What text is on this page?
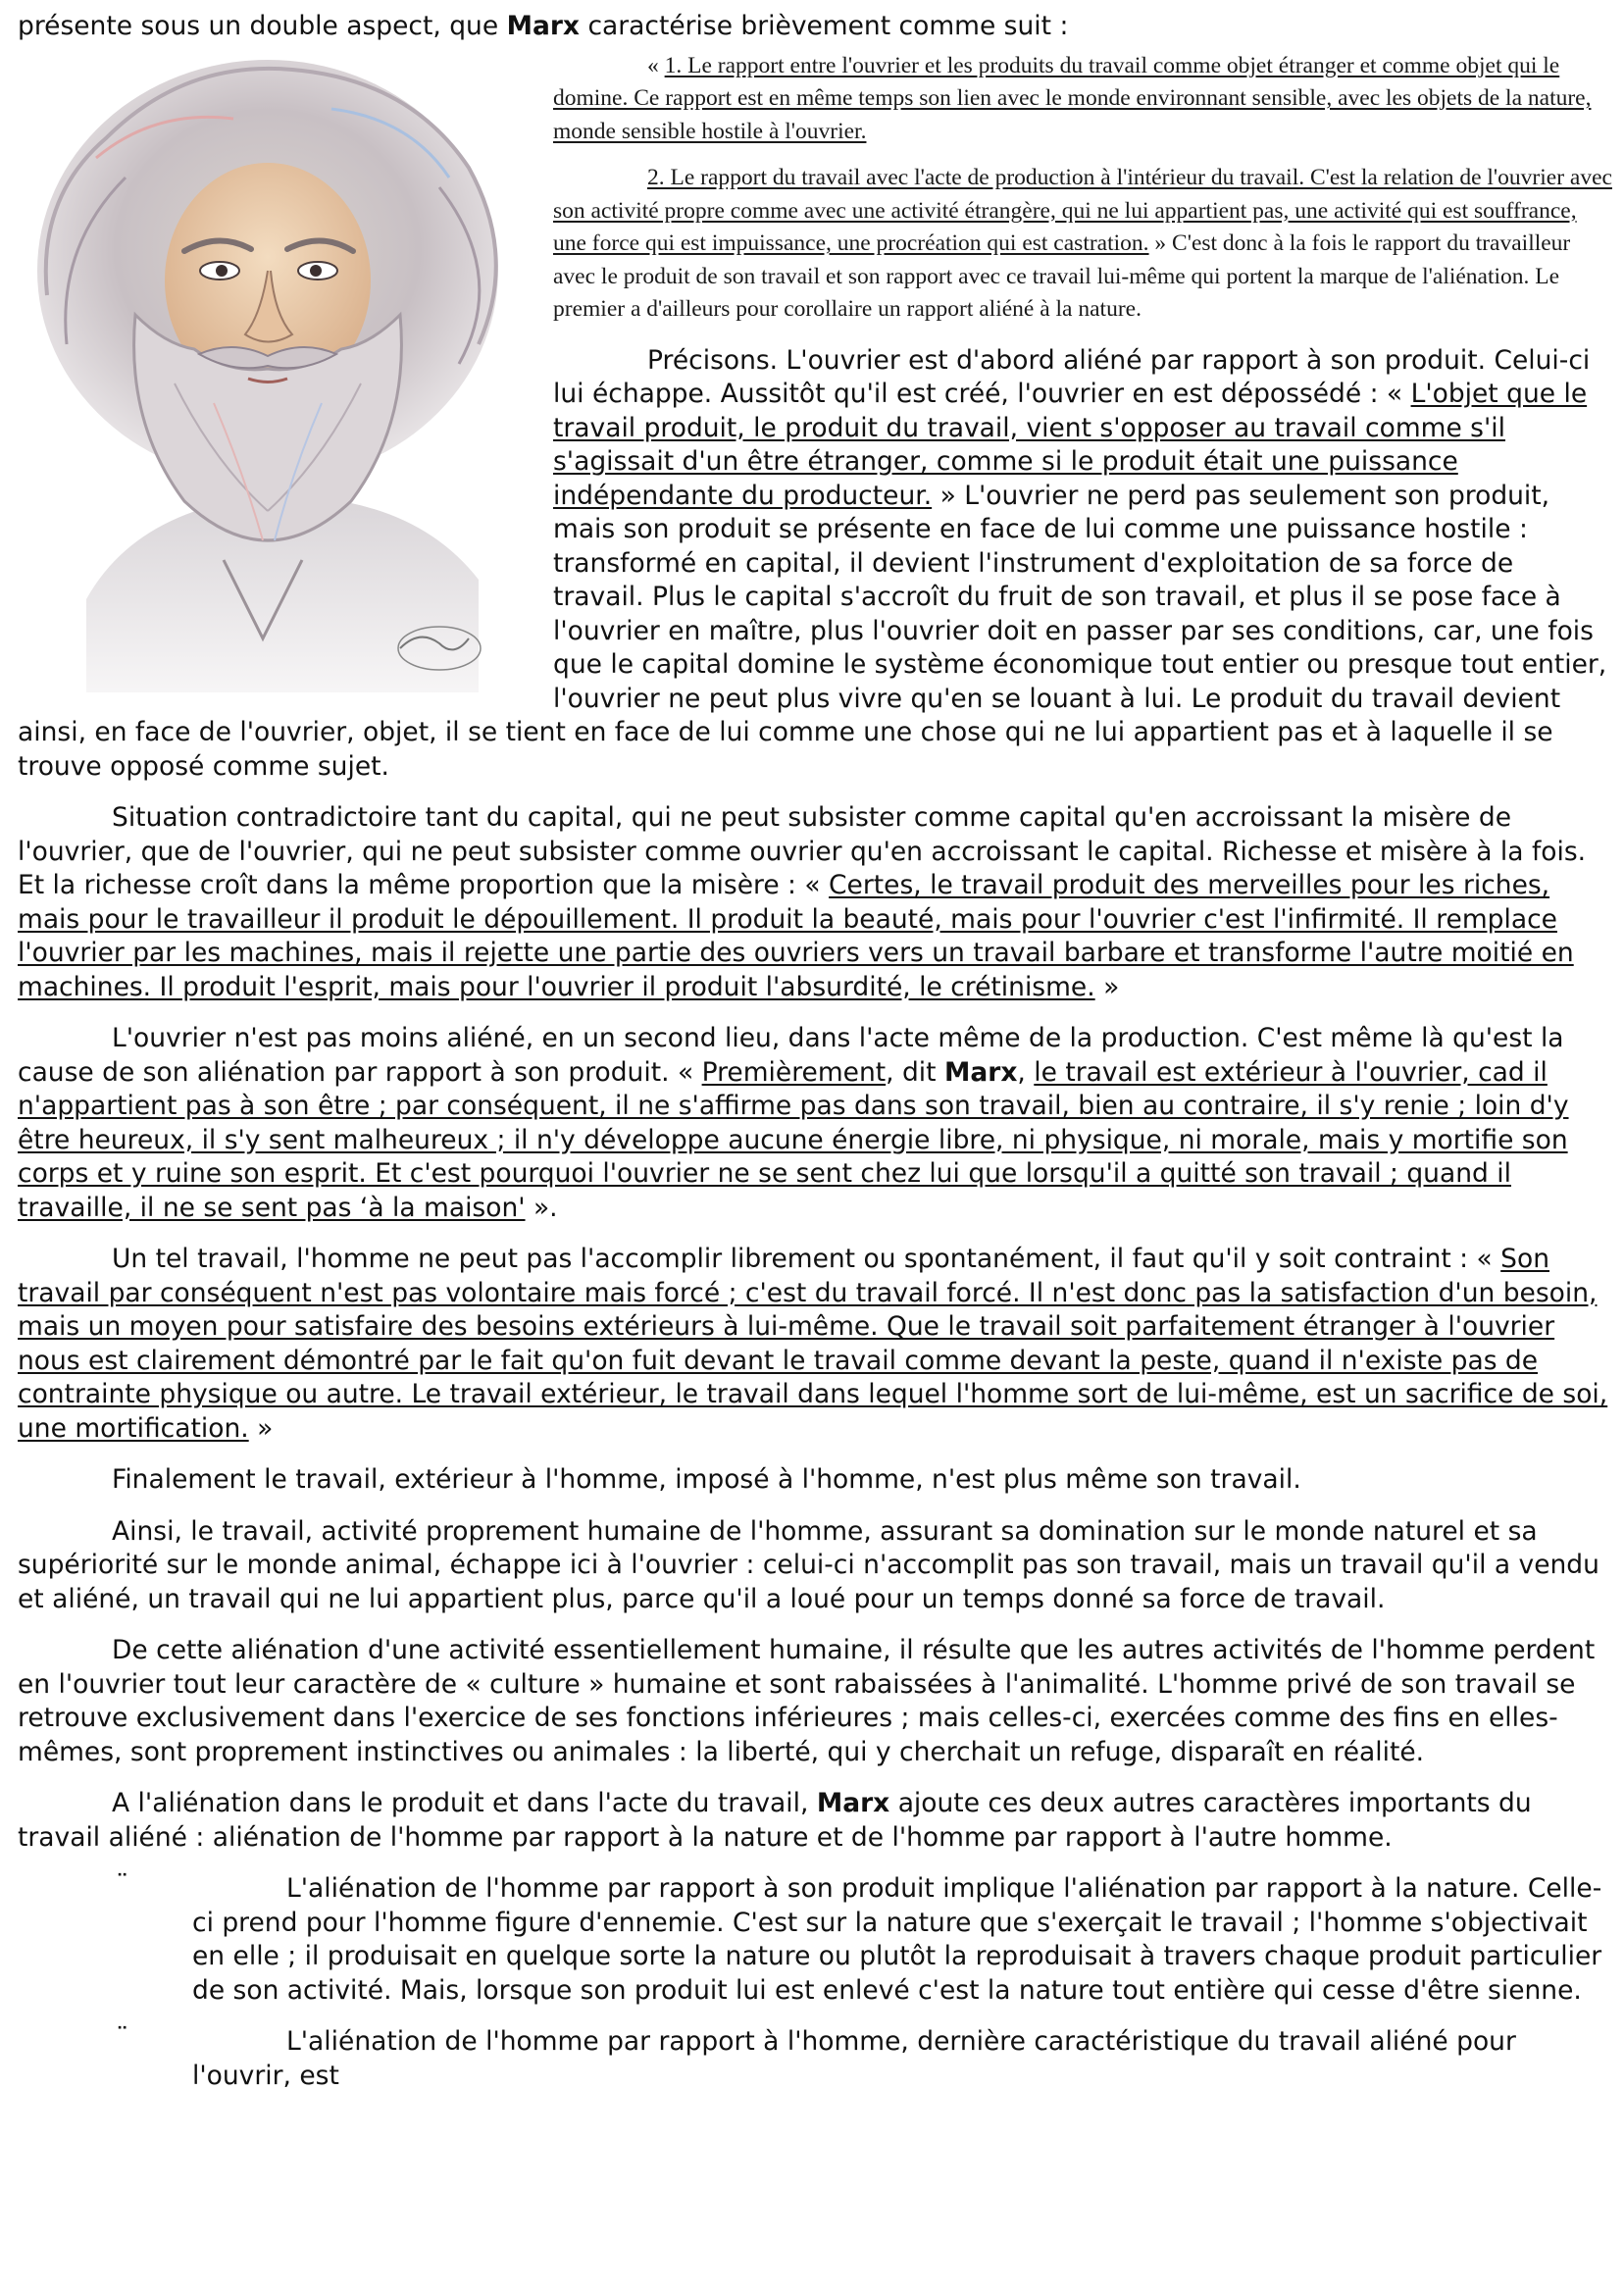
présente sous un double aspect, que Marx caractérise brièvement comme suit :

« 1. Le rapport entre l'ouvrier et les produits du travail comme objet étranger et comme objet qui le domine. Ce rapport est en même temps son lien avec le monde environnant sensible, avec les objets de la nature, monde sensible hostile à l'ouvrier.

2. Le rapport du travail avec l'acte de production à l'intérieur du travail. C'est la relation de l'ouvrier avec son activité propre comme avec une activité étrangère, qui ne lui appartient pas, une activité qui est souffrance, une force qui est impuissance, une procréation qui est castration. » C'est donc à la fois le rapport du travailleur avec le produit de son travail et son rapport avec ce travail lui-même qui portent la marque de l'aliénation. Le premier a d'ailleurs pour corollaire un rapport aliéné à la nature.

Précisons. L'ouvrier est d'abord aliéné par rapport à son produit. Celui-ci lui échappe. Aussitôt qu'il est créé, l'ouvrier en est dépossédé : « L'objet que le travail produit, le produit du travail, vient s'opposer au travail comme s'il s'agissait d'un être étranger, comme si le produit était une puissance indépendante du producteur. » L'ouvrier ne perd pas seulement son produit, mais son produit se présente en face de lui comme une puissance hostile : transformé en capital, il devient l'instrument d'exploitation de sa force de travail. Plus le capital s'accroît du fruit de son travail, et plus il se pose face à l'ouvrier en maître, plus l'ouvrier doit en passer par ses conditions, car, une fois que le capital domine le système économique tout entier ou presque tout entier, l'ouvrier ne peut plus vivre qu'en se louant à lui. Le produit du travail devient ainsi, en face de l'ouvrier, objet, il se tient en face de lui comme une chose qui ne lui appartient pas et à laquelle il se trouve opposé comme sujet.

Situation contradictoire tant du capital, qui ne peut subsister comme capital qu'en accroissant la misère de l'ouvrier, que de l'ouvrier, qui ne peut subsister comme ouvrier qu'en accroissant le capital. Richesse et misère à la fois. Et la richesse croît dans la même proportion que la misère : « Certes, le travail produit des merveilles pour les riches, mais pour le travailleur il produit le dépouillement. Il produit la beauté, mais pour l'ouvrier c'est l'infirmité. Il remplace l'ouvrier par les machines, mais il rejette une partie des ouvriers vers un travail barbare et transforme l'autre moitié en machines. Il produit l'esprit, mais pour l'ouvrier il produit l'absurdité, le crétinisme. »

L'ouvrier n'est pas moins aliéné, en un second lieu, dans l'acte même de la production. C'est même là qu'est la cause de son aliénation par rapport à son produit. « Premièrement, dit Marx, le travail est extérieur à l'ouvrier, cad il n'appartient pas à son être ; par conséquent, il ne s'affirme pas dans son travail, bien au contraire, il s'y renie ; loin d'y être heureux, il s'y sent malheureux ; il n'y développe aucune énergie libre, ni physique, ni morale, mais y mortifie son corps et y ruine son esprit. Et c'est pourquoi l'ouvrier ne se sent chez lui que lorsqu'il a quitté son travail ; quand il travaille, il ne se sent pas ‘à la maison' ».

Un tel travail, l'homme ne peut pas l'accomplir librement ou spontanément, il faut qu'il y soit contraint : « Son travail par conséquent n'est pas volontaire mais forcé ; c'est du travail forcé. Il n'est donc pas la satisfaction d'un besoin, mais un moyen pour satisfaire des besoins extérieurs à lui-même. Que le travail soit parfaitement étranger à l'ouvrier nous est clairement démontré par le fait qu'on fuit devant le travail comme devant la peste, quand il n'existe pas de contrainte physique ou autre. Le travail extérieur, le travail dans lequel l'homme sort de lui-même, est un sacrifice de soi, une mortification. »

Finalement le travail, extérieur à l'homme, imposé à l'homme, n'est plus même son travail.

Ainsi, le travail, activité proprement humaine de l'homme, assurant sa domination sur le monde naturel et sa supériorité sur le monde animal, échappe ici à l'ouvrier : celui-ci n'accomplit pas son travail, mais un travail qu'il a vendu et aliéné, un travail qui ne lui appartient plus, parce qu'il a loué pour un temps donné sa force de travail.

De cette aliénation d'une activité essentiellement humaine, il résulte que les autres activités de l'homme perdent en l'ouvrier tout leur caractère de « culture » humaine et sont rabaissées à l'animalité. L'homme privé de son travail se retrouve exclusivement dans l'exercice de ses fonctions inférieures ; mais celles-ci, exercées comme des fins en elles-mêmes, sont proprement instinctives ou animales : la liberté, qui y cherchait un refuge, disparaît en réalité.

A l'aliénation dans le produit et dans l'acte du travail, Marx ajoute ces deux autres caractères importants du travail aliéné : aliénation de l'homme par rapport à la nature et de l'homme par rapport à l'autre homme.

¨	L'aliénation de l'homme par rapport à son produit implique l'aliénation par rapport à la nature. Celle-ci prend pour l'homme figure d'ennemie. C'est sur la nature que s'exerçait le travail ; l'homme s'objectivait en elle ; il produisait en quelque sorte la nature ou plutôt la reproduisait à travers chaque produit particulier de son activité. Mais, lorsque son produit lui est enlevé c'est la nature tout entière qui cesse d'être sienne.

¨	L'aliénation de l'homme par rapport à l'homme, dernière caractéristique du travail aliéné pour l'ouvrir, est
